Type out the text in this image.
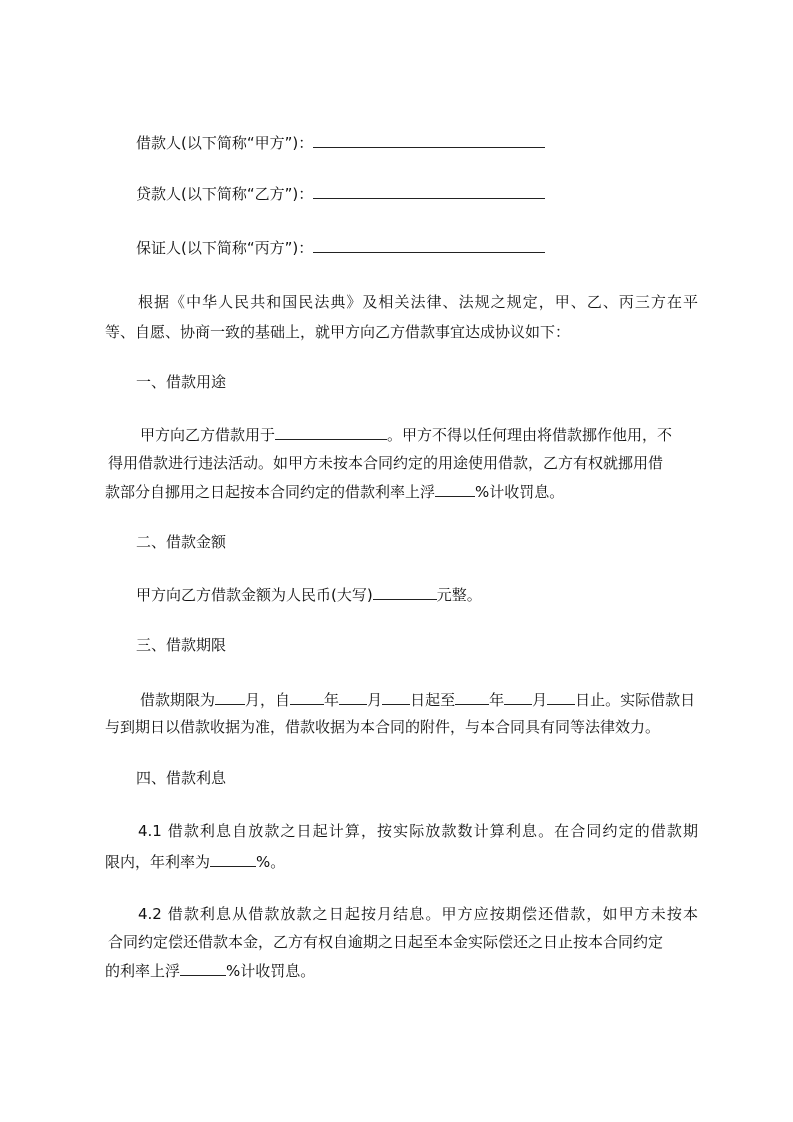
借款人(以下简称“甲方”)：
贷款人(以下简称“乙方”)：
保证人(以下简称“丙方”)：
根据《中华人民共和国民法典》及相关法律、法规之规定，甲、乙、丙三方在平
等、自愿、协商一致的基础上，就甲方向乙方借款事宜达成协议如下：
一、借款用途
甲方向乙方借款用于	。甲方不得以任何理由将借款挪作他用，不
得用借款进行违法活动。如甲方未按本合同约定的用途使用借款，乙方有权就挪用借
款部分自挪用之日起按本合同约定的借款利率上浮	%计收罚息。
二、借款金额
甲方向乙方借款金额为人民币(大写)	元整。
三、借款期限
借款期限为 月，自 年 月 日起至 年 月 日止。实际借款日
与到期日以借款收据为准，借款收据为本合同的附件，与本合同具有同等法律效力。
四、借款利息
4.1 借款利息自放款之日起计算，按实际放款数计算利息。在合同约定的借款期
限内，年利率为	%。
4.2 借款利息从借款放款之日起按月结息。甲方应按期偿还借款，如甲方未按本
合同约定偿还借款本金，乙方有权自逾期之日起至本金实际偿还之日止按本合同约定
的利率上浮	%计收罚息。
